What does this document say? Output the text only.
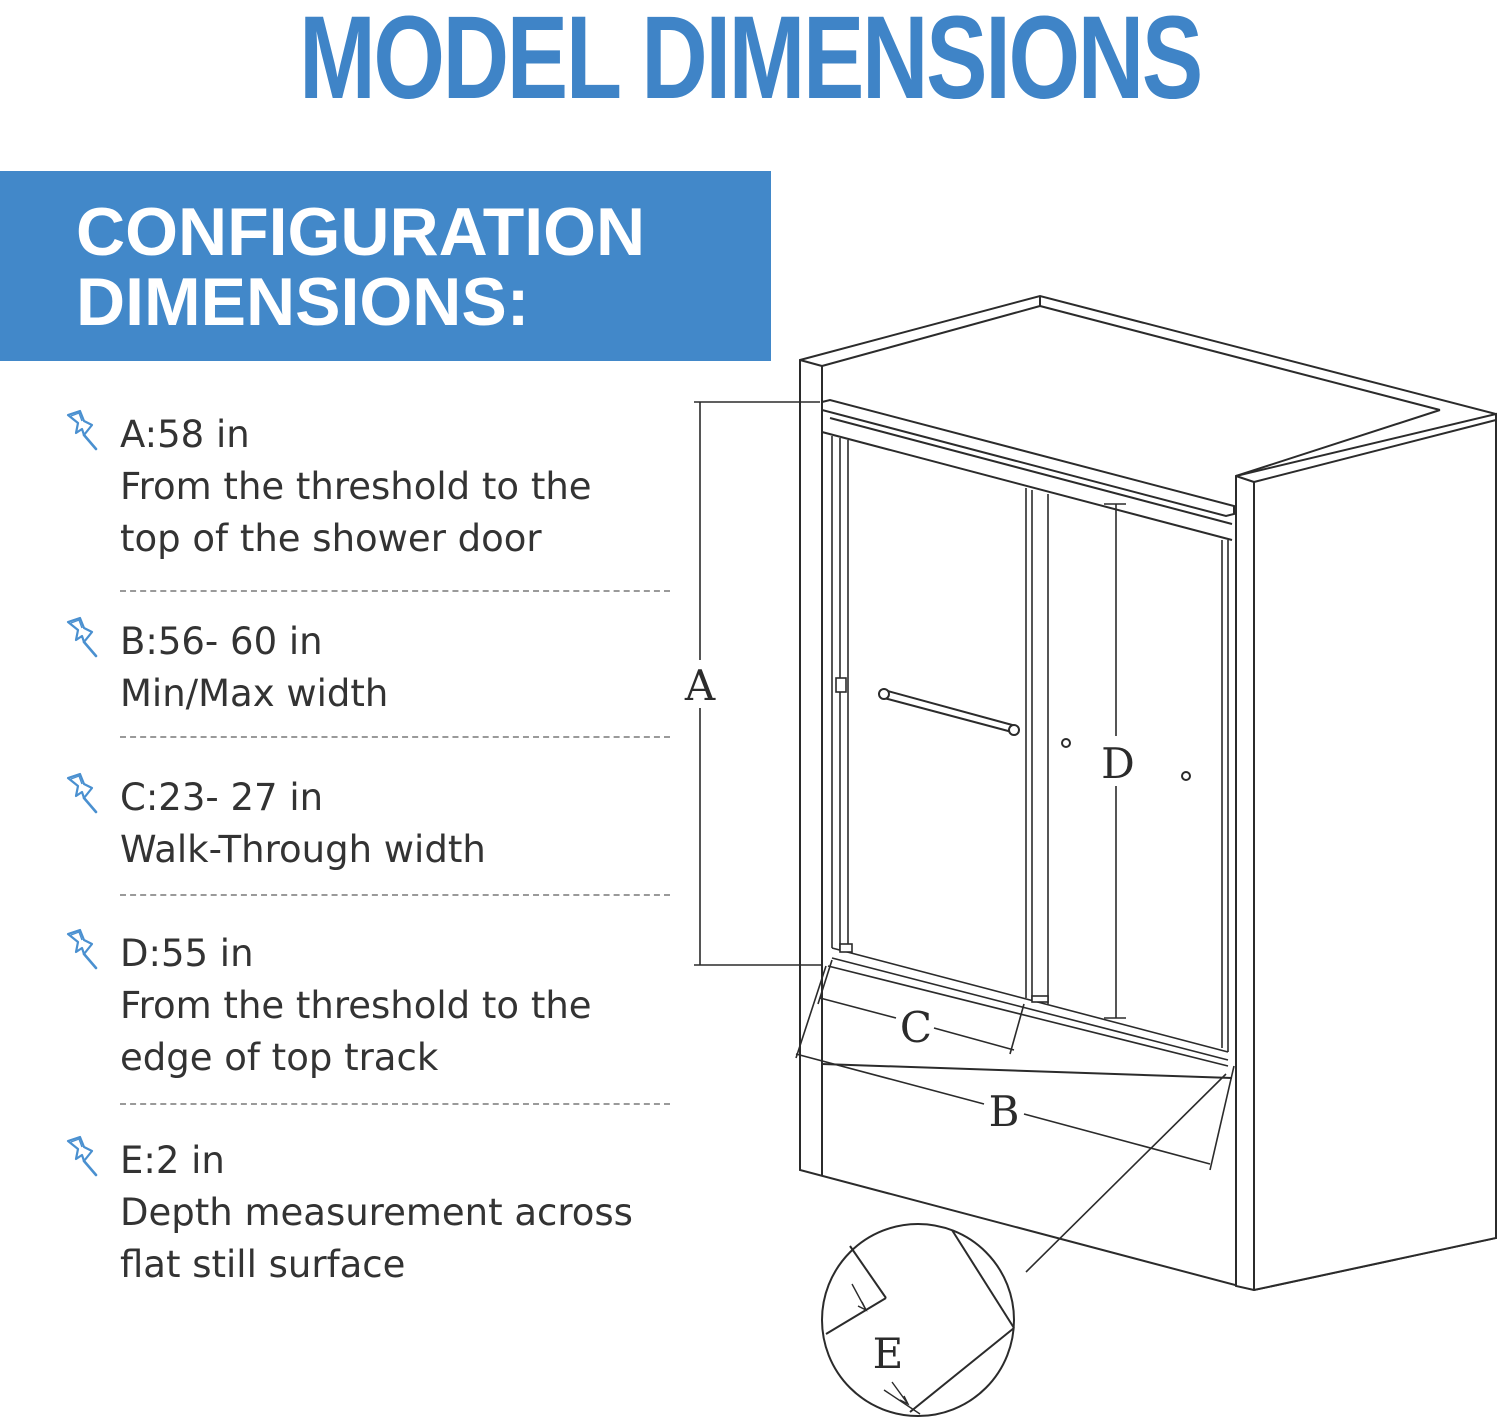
MODEL DIMENSIONS
CONFIGURATION
DIMENSIONS:
A:58 in
From the threshold to the
top of the shower door
B:56- 60 in
Min/Max width
C:23- 27 in
Walk-Through width
D:55 in
From the threshold to the
edge of top track
E:2 in
Depth measurement across
flat still surface
A
D
C
B
E
